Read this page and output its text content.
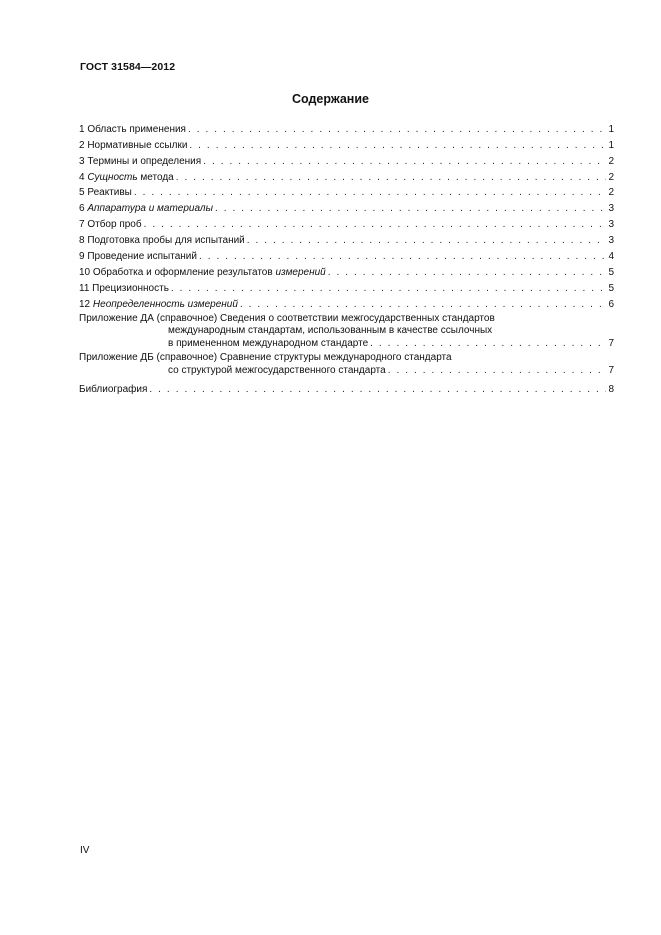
ГОСТ 31584—2012
Содержание
1 Область применения . . .	1
2 Нормативные ссылки . . .	1
3 Термины и определения . . .	2
4 Сущность метода . . .	2
5 Реактивы . . .	2
6 Аппаратура и материалы . . .	3
7 Отбор проб . . .	3
8 Подготовка пробы для испытаний . . .	3
9 Проведение испытаний . . .	4
10 Обработка и оформление результатов измерений . . .	5
11 Прецизионность . . .	5
12 Неопределенность измерений . . .	6
Приложение ДА (справочное) Сведения о соответствии межгосударственных стандартов
международным стандартам, использованным в качестве ссылочных
в примененном международном стандарте . . .	7
Приложение ДБ (справочное) Сравнение структуры международного стандарта
со структурой межгосударственного стандарта . . .	7
Библиография . . .	8
IV
